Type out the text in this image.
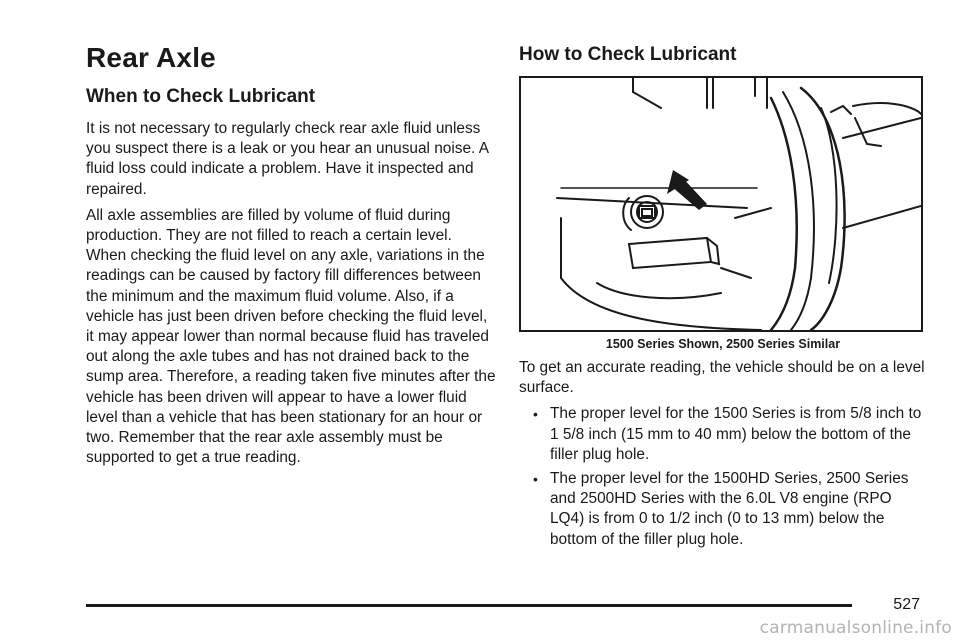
Rear Axle
When to Check Lubricant

It is not necessary to regularly check rear axle fluid unless you suspect there is a leak or you hear an unusual noise. A fluid loss could indicate a problem. Have it inspected and repaired.

All axle assemblies are filled by volume of fluid during production. They are not filled to reach a certain level. When checking the fluid level on any axle, variations in the readings can be caused by factory fill differences between the minimum and the maximum fluid volume. Also, if a vehicle has just been driven before checking the fluid level, it may appear lower than normal because fluid has traveled out along the axle tubes and has not drained back to the sump area. Therefore, a reading taken five minutes after the vehicle has been driven will appear to have a lower fluid level than a vehicle that has been stationary for an hour or two. Remember that the rear axle assembly must be supported to get a true reading.

How to Check Lubricant
1500 Series Shown, 2500 Series Similar

To get an accurate reading, the vehicle should be on a level surface.

• The proper level for the 1500 Series is from 5/8 inch to 1 5/8 inch (15 mm to 40 mm) below the bottom of the filler plug hole.
• The proper level for the 1500HD Series, 2500 Series and 2500HD Series with the 6.0L V8 engine (RPO LQ4) is from 0 to 1/2 inch (0 to 13 mm) below the bottom of the filler plug hole.
527
carmanualsonline.info
